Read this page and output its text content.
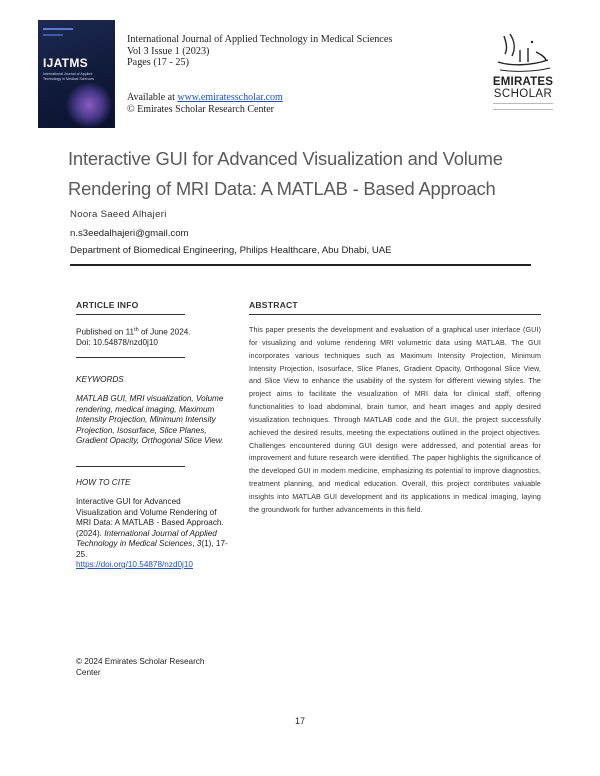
IJATMS
International Journal of Applied Technology in Medical Sciences
International Journal of Applied Technology in Medical Sciences
Vol 3 Issue 1 (2023)
Pages (17 - 25)
Available at www.emiratesscholar.com
© Emirates Scholar Research Center
EMIRATES
SCHOLAR
Interactive GUI for Advanced Visualization and Volume
Rendering of MRI Data: A MATLAB - Based Approach
Noora Saeed Alhajeri
n.s3eedalhajeri@gmail.com
Department of Biomedical Engineering, Philips Healthcare, Abu Dhabi, UAE
ARTICLE INFO
Published on 11th of June 2024.
Doi: 10.54878/nzd0j10
KEYWORDS
MATLAB GUI, MRI visualization, Volume rendering, medical imaging, Maximum Intensity Projection, Minimum Intensity Projection, Isosurface, Slice Planes, Gradient Opacity, Orthogonal Slice View.
HOW TO CITE
Interactive GUI for Advanced Visualization and Volume Rendering of MRI Data: A MATLAB - Based Approach. (2024). International Journal of Applied Technology in Medical Sciences, 3(1), 17-25.
https://doi.org/10.54878/nzd0j10
© 2024 Emirates Scholar Research Center
ABSTRACT
This paper presents the development and evaluation of a graphical user interface (GUI) for visualizing and volume rendering MRI volumetric data using MATLAB. The GUI incorporates various techniques such as Maximum Intensity Projection, Minimum Intensity Projection, Isosurface, Slice Planes, Gradient Opacity, Orthogonal Slice View, and Slice View to enhance the usability of the system for different viewing styles. The project aims to facilitate the visualization of MRI data for clinical staff, offering functionalities to load abdominal, brain tumor, and heart images and apply desired visualization techniques. Through MATLAB code and the GUI, the project successfully achieved the desired results, meeting the expectations outlined in the project objectives. Challenges encountered during GUI design were addressed, and potential areas for improvement and future research were identified. The paper highlights the significance of the developed GUI in modern medicine, emphasizing its potential to improve diagnostics, treatment planning, and medical education. Overall, this project contributes valuable insights into MATLAB GUI development and its applications in medical imaging, laying the groundwork for further advancements in this field.
17
